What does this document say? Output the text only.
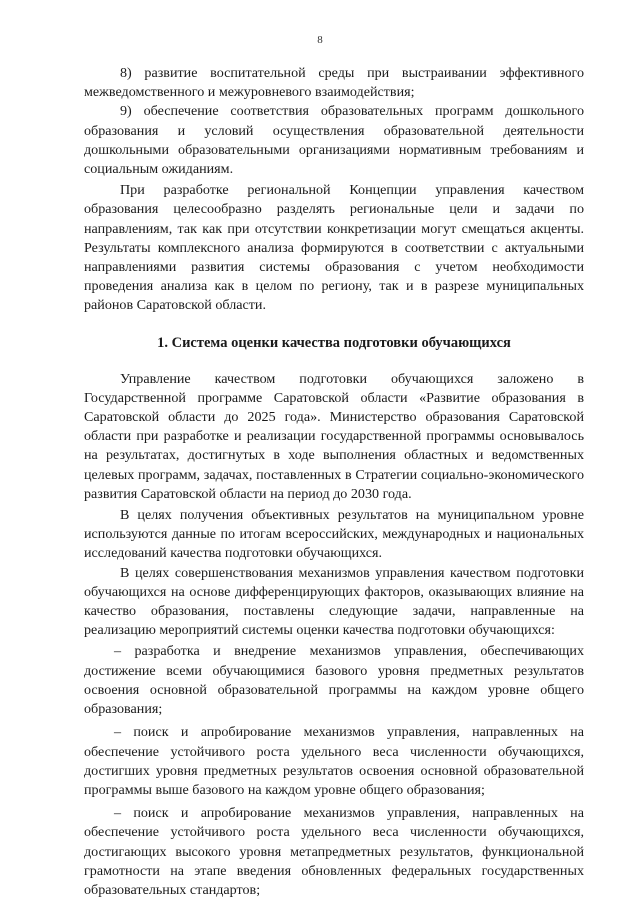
8

8) развитие воспитательной среды при выстраивании эффективного межведомственного и межуровневого взаимодействия;

9) обеспечение соответствия образовательных программ дошкольного образования и условий осуществления образовательной деятельности дошкольными образовательными организациями нормативным требованиям и социальным ожиданиям.

При разработке региональной Концепции управления качеством образования целесообразно разделять региональные цели и задачи по направлениям, так как при отсутствии конкретизации могут смещаться акценты. Результаты комплексного анализа формируются в соответствии с актуальными направлениями развития системы образования с учетом необходимости проведения анализа как в целом по региону, так и в разрезе муниципальных районов Саратовской области.

1. Система оценки качества подготовки обучающихся

Управление качеством подготовки обучающихся заложено в Государственной программе Саратовской области «Развитие образования в Саратовской области до 2025 года». Министерство образования Саратовской области при разработке и реализации государственной программы основывалось на результатах, достигнутых в ходе выполнения областных и ведомственных целевых программ, задачах, поставленных в Стратегии социально-экономического развития Саратовской области на период до 2030 года.

В целях получения объективных результатов на муниципальном уровне используются данные по итогам всероссийских, международных и национальных исследований качества подготовки обучающихся.

В целях совершенствования механизмов управления качеством подготовки обучающихся на основе дифференцирующих факторов, оказывающих влияние на качество образования, поставлены следующие задачи, направленные на реализацию мероприятий системы оценки качества подготовки обучающихся:

– разработка и внедрение механизмов управления, обеспечивающих достижение всеми обучающимися базового уровня предметных результатов освоения основной образовательной программы на каждом уровне общего образования;

– поиск и апробирование механизмов управления, направленных на обеспечение устойчивого роста удельного веса численности обучающихся, достигших уровня предметных результатов освоения основной образовательной программы выше базового на каждом уровне общего образования;

– поиск и апробирование механизмов управления, направленных на обеспечение устойчивого роста удельного веса численности обучающихся, достигающих высокого уровня метапредметных результатов, функциональной грамотности на этапе введения обновленных федеральных государственных образовательных стандартов;
